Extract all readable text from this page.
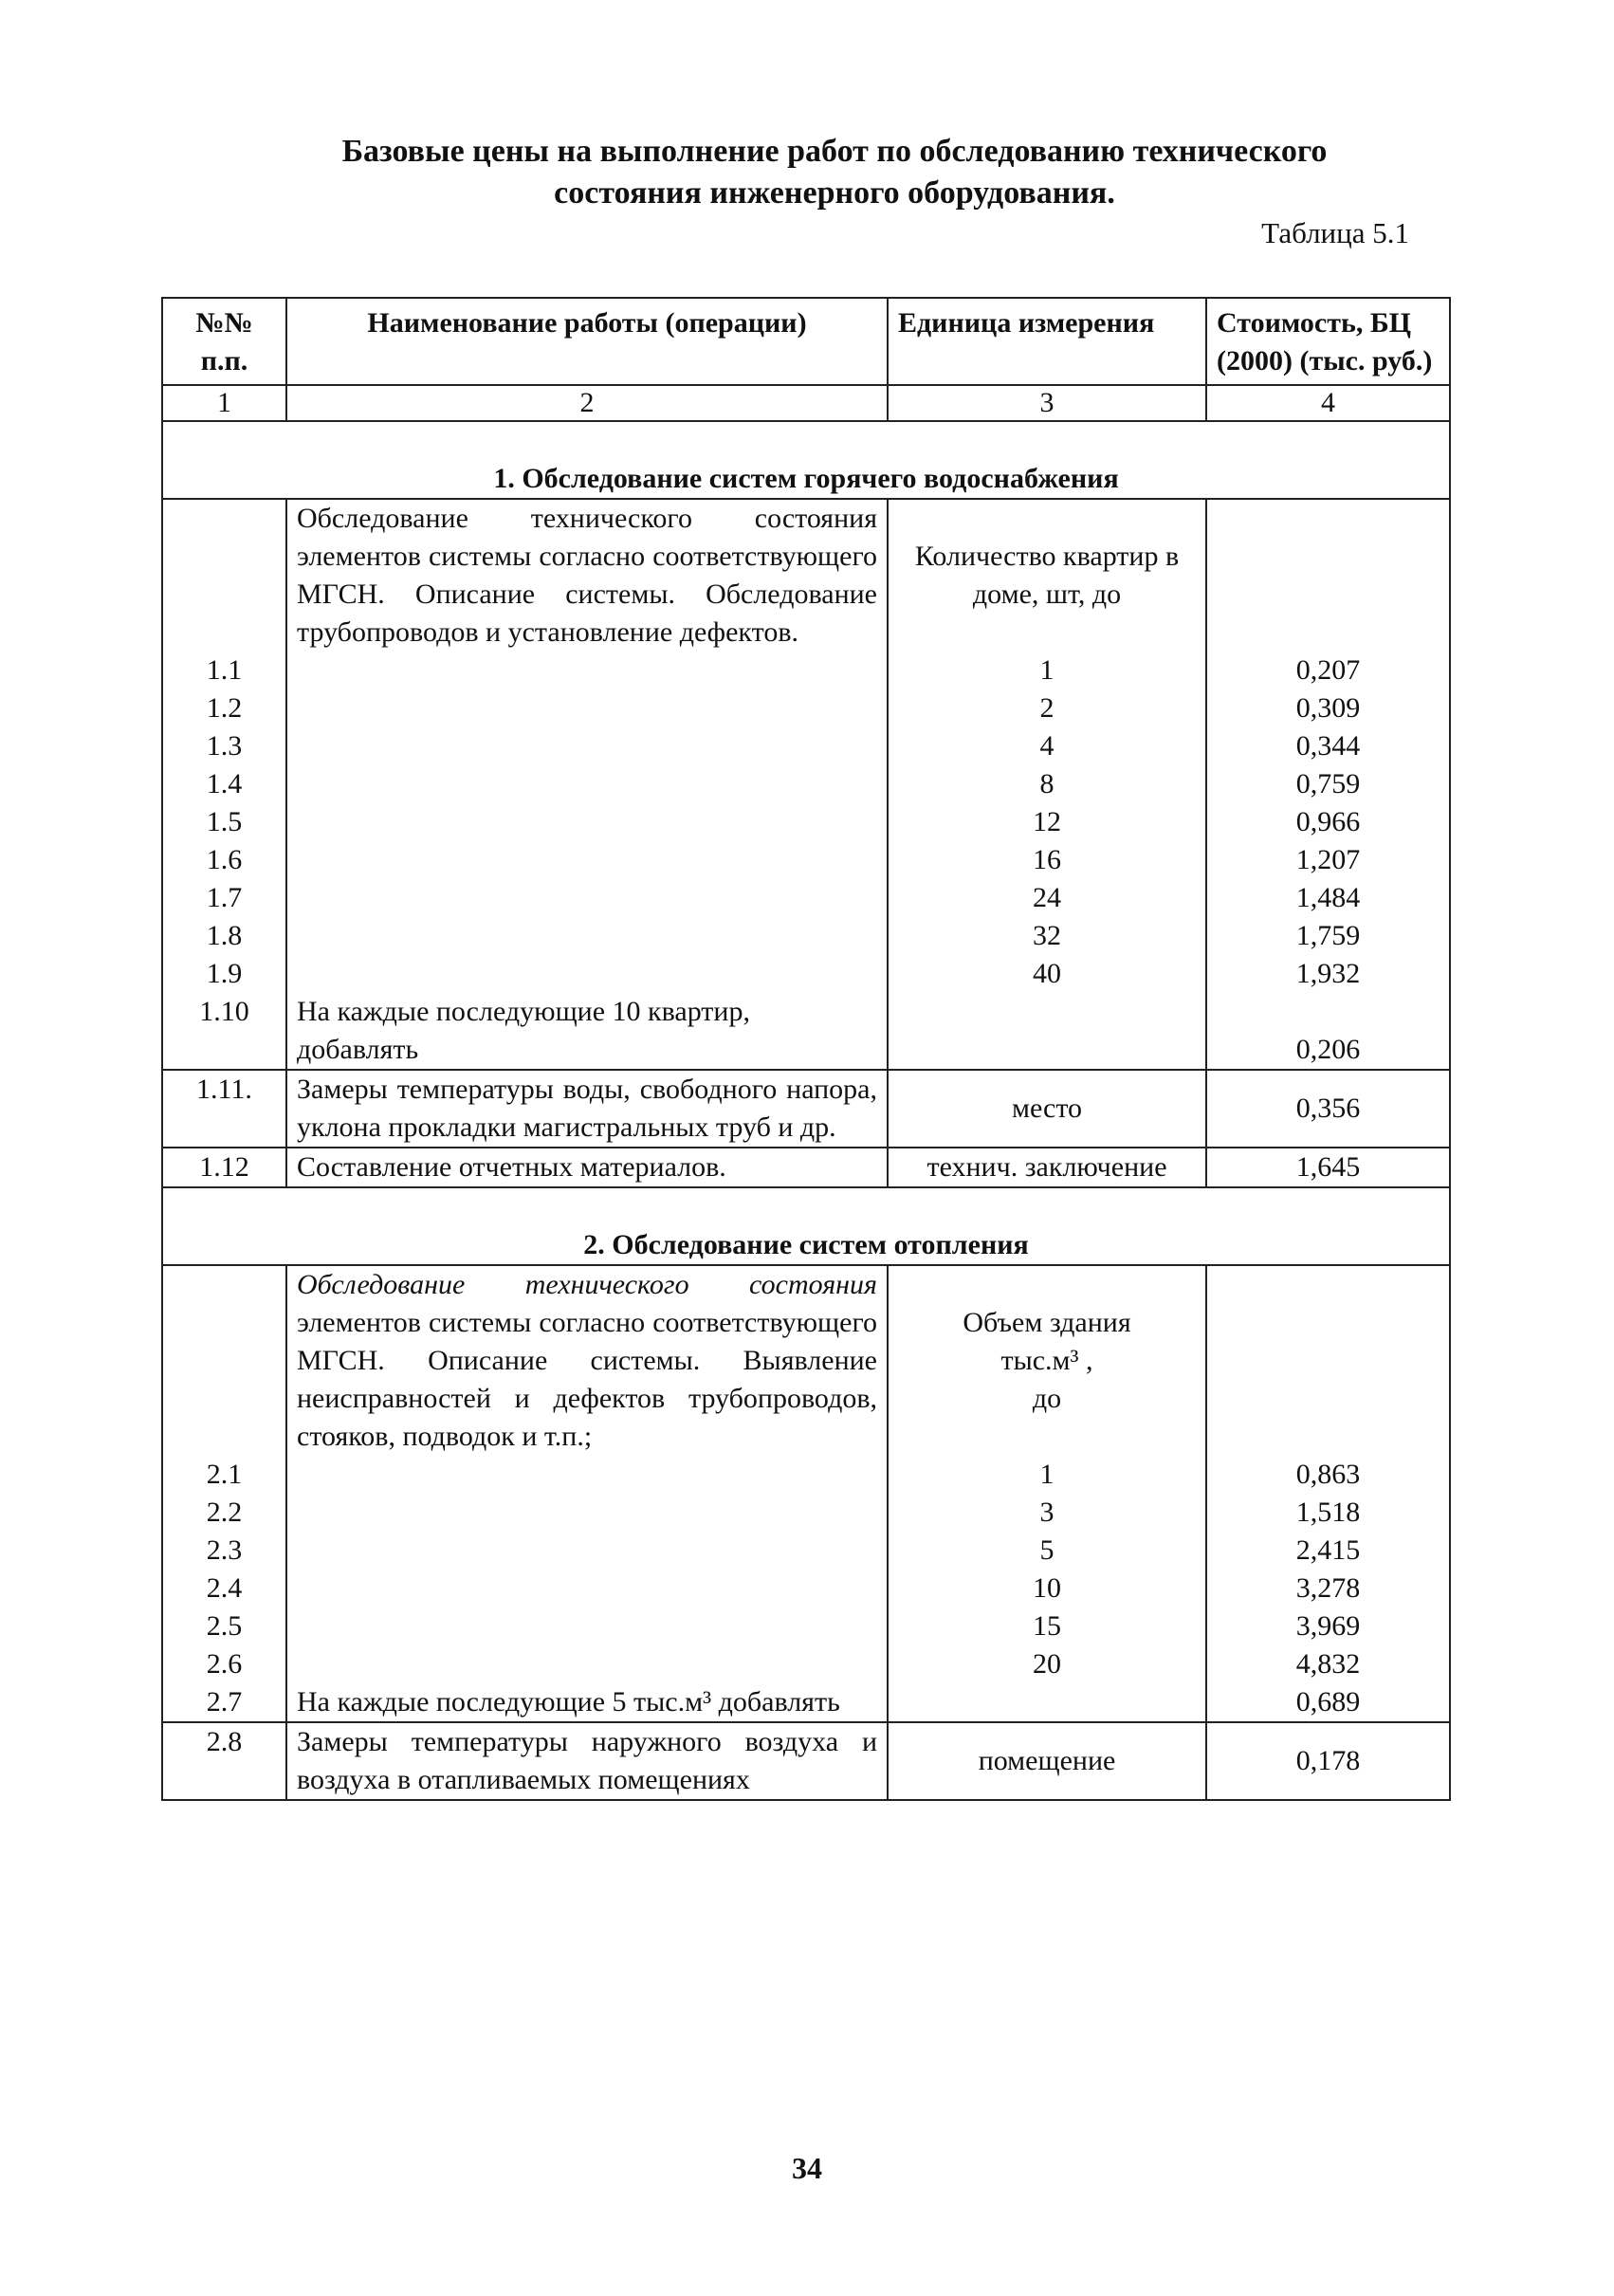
Базовые цены на выполнение работ по обследованию технического
состояния инженерного оборудования.
Таблица 5.1
№№ п.п.	Наименование работы (операции)	Единица измерения	Стоимость, БЦ (2000) (тыс. руб.)
1	2	3	4
1. Обследование систем горячего водоснабжения			
	Обследование технического состояния элементов системы согласно соответствующего МГСН. Описание системы. Обследование трубопроводов и установление дефектов.	Количество квартир в доме, шт, до	
1.1		1	0,207
1.2		2	0,309
1.3		4	0,344
1.4		8	0,759
1.5		12	0,966
1.6		16	1,207
1.7		24	1,484
1.8		32	1,759
1.9		40	1,932
1.10	На каждые последующие 10 квартир, добавлять		0,206
1.11.	Замеры температуры воды, свободного напора, уклона прокладки магистральных труб и др.	место	0,356
1.12	Составление отчетных материалов.	технич. заключение	1,645
2. Обследование систем отопления			
	Обследование технического состояния элементов системы согласно соответствующего МГСН. Описание системы. Выявление неисправностей и дефектов трубопроводов, стояков, подводок и т.п.;	Объем здания
тыс.м³ ,
до	

2.1		1	0,863
2.2		3	1,518
2.3		5	2,415
2.4		10	3,278
2.5		15	3,969
2.6		20	4,832
2.7	На каждые последующие 5 тыс.м³ добавлять		0,689
2.8	Замеры температуры наружного воздуха и воздуха в отапливаемых помещениях	помещение	0,178
34
